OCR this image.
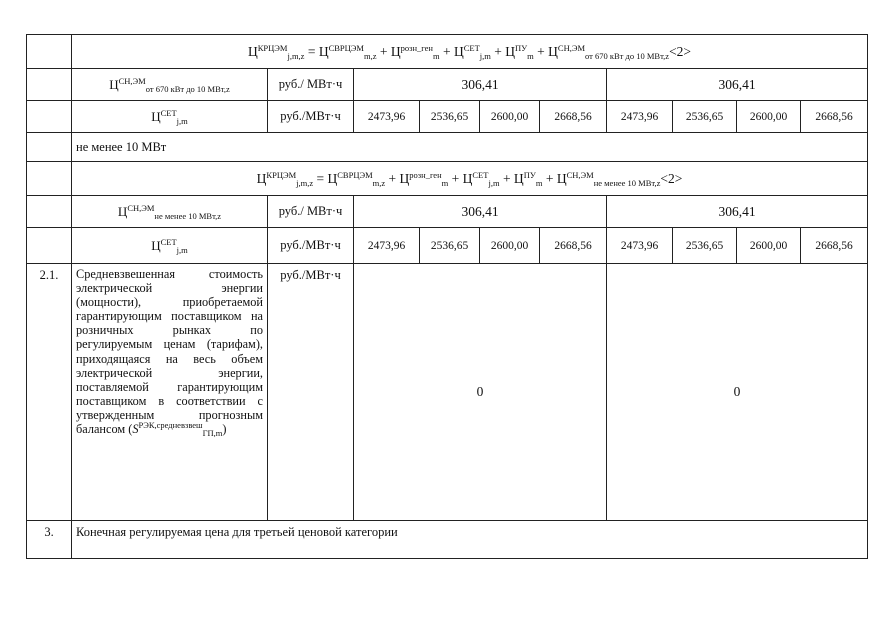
	$Ц^{КРЦЭМ}_{j,m,z} = Ц^{СВРЦЭМ}_{m,z} + Ц^{розн\_ген}_m + Ц^{СЕТ}_{j,m} + Ц^{ПУ}_m + Ц^{СН,ЭМ}_{от 670 кВт до 10 МВт,z}<2>$									
	$Ц^{СН,ЭМ}_{от 670 кВт до 10 МВт,z}$	руб./ МВт·ч	306,41				306,41			
	$Ц^{СЕТ}_{j,m}$	руб./МВт·ч	2473,96	2536,65	2600,00	2668,56	2473,96	2536,65	2600,00	2668,56
	не менее 10 МВт									
	$Ц^{КРЦЭМ}_{j,m,z} = Ц^{СВРЦЭМ}_{m,z} + Ц^{розн\_ген}_m + Ц^{СЕТ}_{j,m} + Ц^{ПУ}_m + Ц^{СН,ЭМ}_{не менее 10 МВт,z}<2>$									
	$Ц^{СН,ЭМ}_{не менее 10 МВт,z}$	руб./ МВт·ч	306,41				306,41			
	$Ц^{СЕТ}_{j,m}$	руб./МВт·ч	2473,96	2536,65	2600,00	2668,56	2473,96	2536,65	2600,00	2668,56
2.1.	Средневзвешенная стоимость электрической энергии (мощности), приобретаемой гарантирующим поставщиком на розничных рынках по регулируемым ценам (тарифам), приходящаяся на весь объем электрической энергии, поставляемой гарантирующим поставщиком в соответствии с утвержденным прогнозным балансом $(S^{РЭК,средневзвеш}_{ГП,m})$	руб./МВт·ч	0				0			
3.	Конечная регулируемая цена для третьей ценовой категории									
